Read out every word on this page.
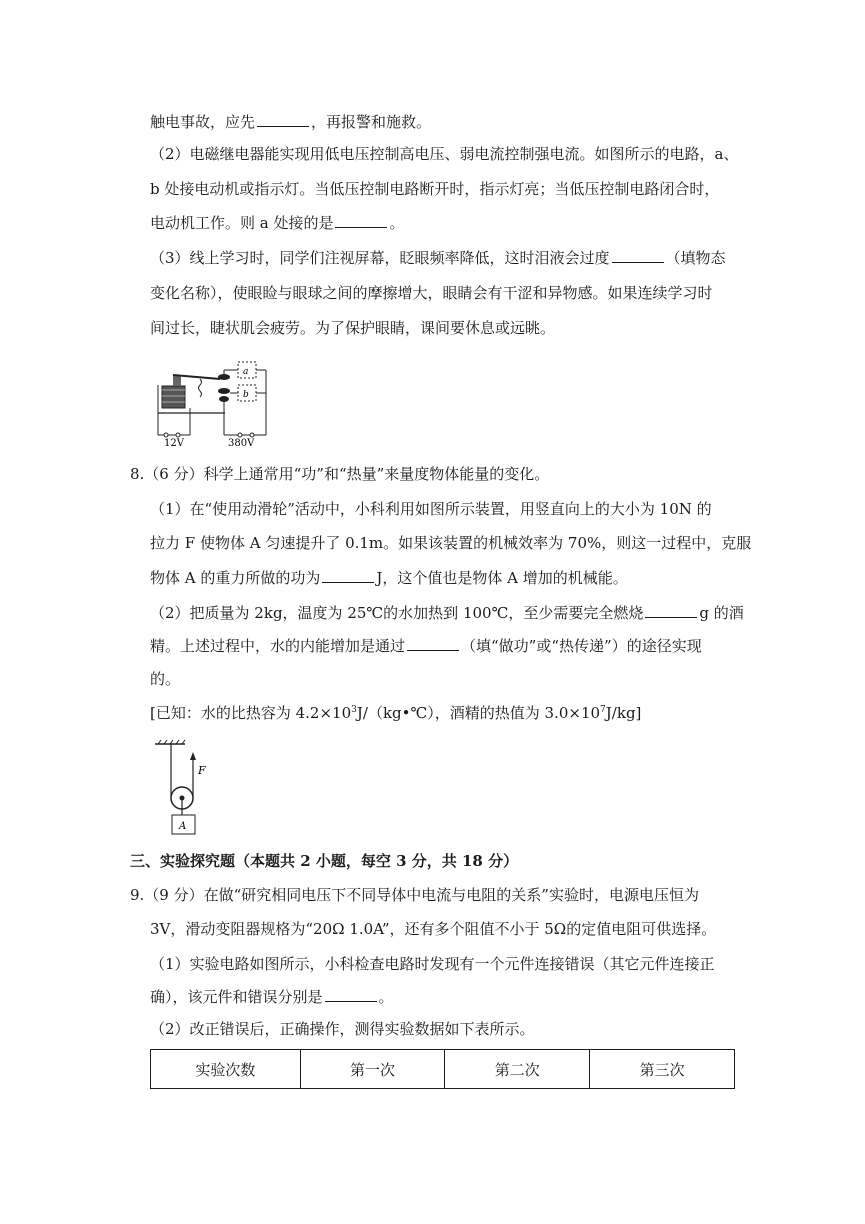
触电事故，应先	，再报警和施救。
（2）电磁继电器能实现用低电压控制高电压、弱电流控制强电流。如图所示的电路，a、
b 处接电动机或指示灯。当低压控制电路断开时，指示灯亮；当低压控制电路闭合时，
电动机工作。则 a 处接的是	。
（3）线上学习时，同学们注视屏幕，眨眼频率降低，这时泪液会过度	（填物态
变化名称），使眼睑与眼球之间的摩擦增大，眼睛会有干涩和异物感。如果连续学习时
间过长，睫状肌会疲劳。为了保护眼睛，课间要休息或远眺。
a
b
12V	380V
8.（6 分）科学上通常用“功”和“热量”来量度物体能量的变化。
（1）在“使用动滑轮”活动中，小科利用如图所示装置，用竖直向上的大小为 10N 的
拉力 F 使物体 A 匀速提升了 0.1m。如果该装置的机械效率为 70%，则这一过程中，克服
物体 A 的重力所做的功为	J，这个值也是物体 A 增加的机械能。
（2）把质量为 2kg，温度为 25℃的水加热到 100℃，至少需要完全燃烧	g 的酒
精。上述过程中，水的内能增加是通过	（填“做功”或“热传递”）的途径实现
的。
[已知：水的比热容为 $4.2\times 10^3J/(kg•℃)$，酒精的热值为 $3.0\times 10^7J/kg$]
F
A
三、实验探究题（本题共 2 小题，每空 3 分，共 18 分）
9.（9 分）在做“研究相同电压下不同导体中电流与电阻的关系”实验时，电源电压恒为
3V，滑动变阻器规格为“20Ω 1.0A”，还有多个阻值不小于 5Ω的定值电阻可供选择。
（1）实验电路如图所示，小科检查电路时发现有一个元件连接错误（其它元件连接正
确），该元件和错误分别是	。
（2）改正错误后，正确操作，测得实验数据如下表所示。
实验次数	第一次	第二次	第三次
